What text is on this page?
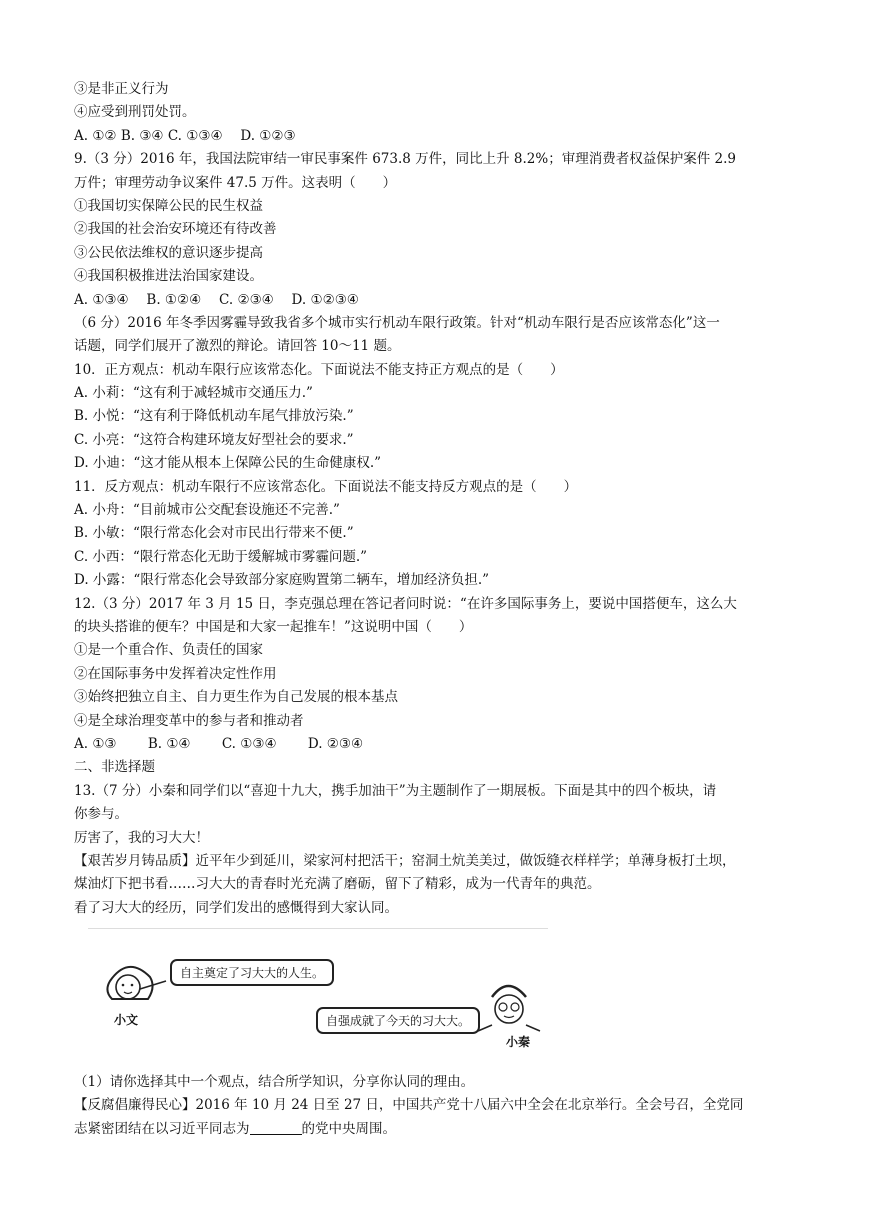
③是非正义行为
④应受到刑罚处罚。
A. ①② B. ③④ C. ①③④　 D. ①②③
9.（3 分）2016 年，我国法院审结一审民事案件 673.8 万件，同比上升 8.2%；审理消费者权益保护案件 2.9
万件；审理劳动争议案件 47.5 万件。这表明（　　）
①我国切实保障公民的民生权益
②我国的社会治安环境还有待改善
③公民依法维权的意识逐步提高
④我国积极推进法治国家建设。
A. ①③④　 B. ①②④　 C. ②③④　 D. ①②③④
（6 分）2016 年冬季因雾霾导致我省多个城市实行机动车限行政策。针对“机动车限行是否应该常态化”这一
话题，同学们展开了激烈的辩论。请回答 10～11 题。
10．正方观点：机动车限行应该常态化。下面说法不能支持正方观点的是（　　）
A. 小莉：“这有利于减轻城市交通压力.”
B. 小悦：“这有利于降低机动车尾气排放污染.”
C. 小亮：“这符合构建环境友好型社会的要求.”
D. 小迪：“这才能从根本上保障公民的生命健康权.”
11．反方观点：机动车限行不应该常态化。下面说法不能支持反方观点的是（　　）
A. 小舟：“目前城市公交配套设施还不完善.”
B. 小敏：“限行常态化会对市民出行带来不便.”
C. 小西：“限行常态化无助于缓解城市雾霾问题.”
D. 小露：“限行常态化会导致部分家庭购置第二辆车，增加经济负担.”
12.（3 分）2017 年 3 月 15 日，李克强总理在答记者问时说：“在许多国际事务上，要说中国搭便车，这么大
的块头搭谁的便车？中国是和大家一起推车！”这说明中国（　　）
①是一个重合作、负责任的国家
②在国际事务中发挥着决定性作用
③始终把独立自主、自力更生作为自己发展的根本基点
④是全球治理变革中的参与者和推动者
A. ①③　　 B. ①④　　 C. ①③④　　 D. ②③④
二、非选择题
13.（7 分）小秦和同学们以“喜迎十九大，携手加油干”为主题制作了一期展板。下面是其中的四个板块，请
你参与。
厉害了，我的习大大！
【艰苦岁月铸品质】近平年少到延川，梁家河村把活干；窑洞土炕美美过，做饭缝衣样样学；单薄身板打土坝，
煤油灯下把书看……习大大的青春时光充满了磨砺，留下了精彩，成为一代青年的典范。
看了习大大的经历，同学们发出的感慨得到大家认同。
自主奠定了习大大的人生。
自强成就了今天的习大大。
小文
小秦
（1）请你选择其中一个观点，结合所学知识，分享你认同的理由。
【反腐倡廉得民心】2016 年 10 月 24 日至 27 日，中国共产党十八届六中全会在北京举行。全会号召，全党同
志紧密团结在以习近平同志为	的党中央周围。
